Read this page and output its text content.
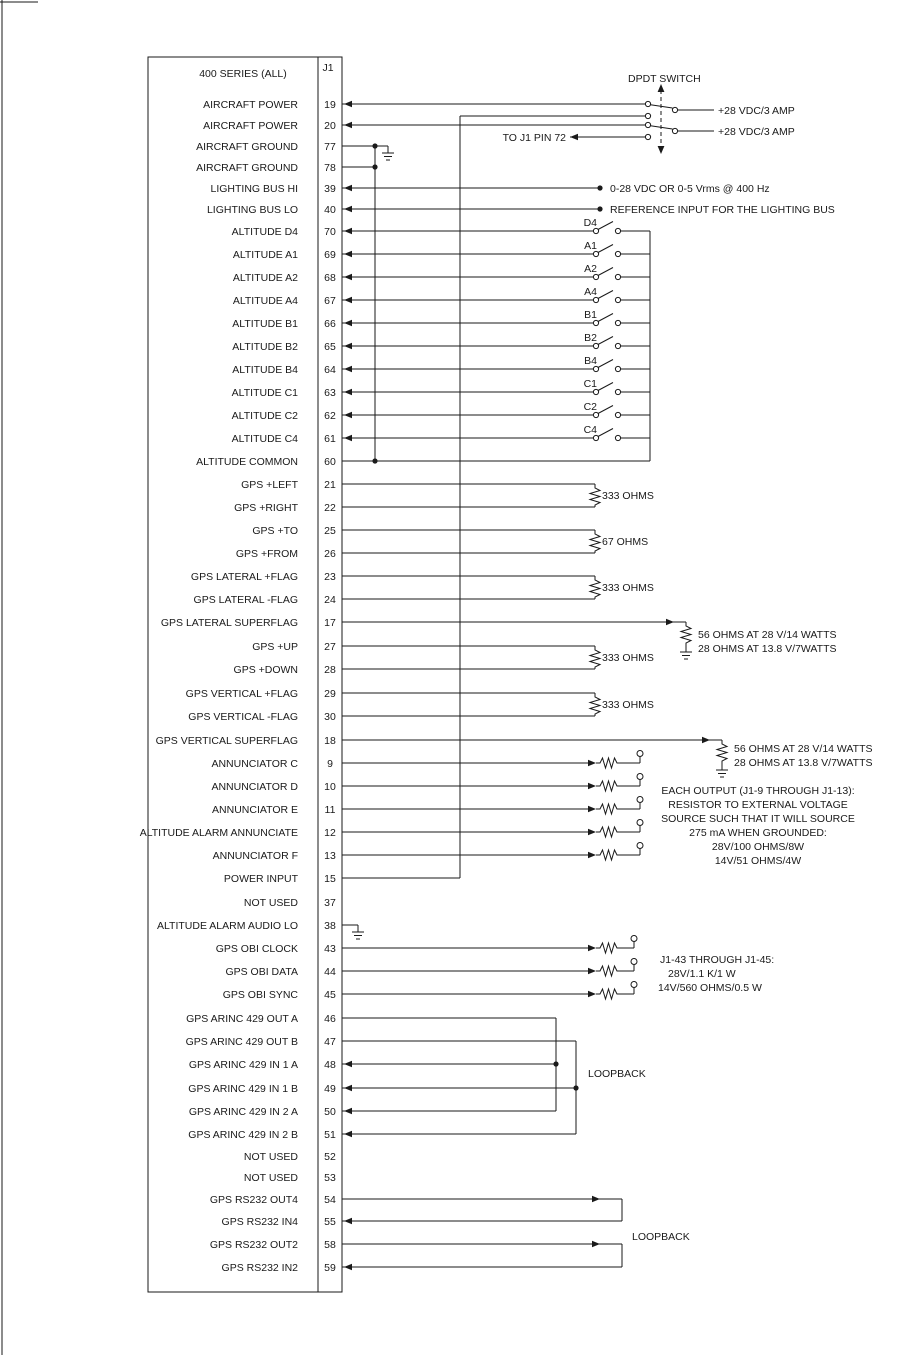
400 SERIES (ALL)	J1
AIRCRAFT POWER 19
AIRCRAFT POWER 20
AIRCRAFT GROUND 77
AIRCRAFT GROUND 78
LIGHTING BUS HI 39
LIGHTING BUS LO 40
ALTITUDE D4 70
ALTITUDE A1 69
ALTITUDE A2 68
ALTITUDE A4 67
ALTITUDE B1 66
ALTITUDE B2 65
ALTITUDE B4 64
ALTITUDE C1 63
ALTITUDE C2 62
ALTITUDE C4 61
ALTITUDE COMMON 60
GPS +LEFT 21
GPS +RIGHT 22
GPS +TO 25
GPS +FROM 26
GPS LATERAL +FLAG 23
GPS LATERAL -FLAG 24
GPS LATERAL SUPERFLAG 17
GPS +UP 27
GPS +DOWN 28
GPS VERTICAL +FLAG 29
GPS VERTICAL -FLAG 30
GPS VERTICAL SUPERFLAG 18
ANNUNCIATOR C	9
ANNUNCIATOR D 10
ANNUNCIATOR E	11
ALTITUDE ALARM ANNUNCIATE 12
ANNUNCIATOR F 13
POWER INPUT 15
NOT USED 37
ALTITUDE ALARM AUDIO LO 38
GPS OBI CLOCK 43
GPS OBI DATA 44
GPS OBI SYNC 45
GPS ARINC 429 OUT A 46
GPS ARINC 429 OUT B 47
GPS ARINC 429 IN 1 A 48
GPS ARINC 429 IN 1 B 49
GPS ARINC 429 IN 2 A 50
GPS ARINC 429 IN 2 B 51
NOT USED 52
NOT USED 53
GPS RS232 OUT4 54
GPS RS232 IN4 55
GPS RS232 OUT2 58
GPS RS232 IN2 59
DPDT SWITCH
+28 VDC/3 AMP
+28 VDC/3 AMP
TO J1 PIN 72
0-28 VDC OR 0-5 Vrms @ 400 Hz
REFERENCE INPUT FOR THE LIGHTING BUS
D4
A1
A2
A4
B1
B2
B4
C1
C2
C4
333 OHMS
67 OHMS
333 OHMS
333 OHMS
333 OHMS
56 OHMS AT 28 V/14 WATTS
28 OHMS AT 13.8 V/7WATTS
56 OHMS AT 28 V/14 WATTS
28 OHMS AT 13.8 V/7WATTS
EACH OUTPUT (J1-9 THROUGH J1-13):
RESISTOR TO EXTERNAL VOLTAGE
SOURCE SUCH THAT IT WILL SOURCE
275 mA WHEN GROUNDED:
28V/100 OHMS/8W
14V/51 OHMS/4W
J1-43 THROUGH J1-45:
28V/1.1 K/1 W
14V/560 OHMS/0.5 W
LOOPBACK
LOOPBACK
